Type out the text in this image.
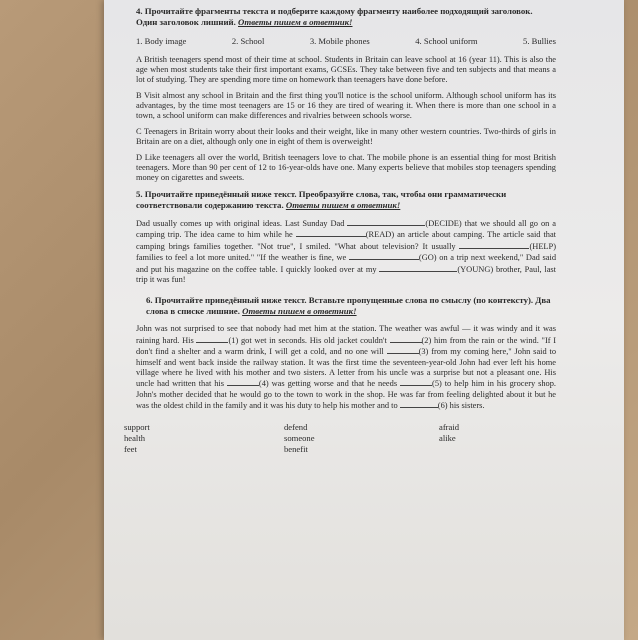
4. Прочитайте фрагменты текста и подберите каждому фрагменту наиболее подходящий заголовок. Один заголовок лишний. Ответы пишем в ответник!
1. Body image	2. School	3. Mobile phones	4. School uniform	5. Bullies
A British teenagers spend most of their time at school. Students in Britain can leave school at 16 (year 11). This is also the age when most students take their first important exams, GCSEs. They take between five and ten subjects and that means a lot of studying. They are spending more time on homework than teenagers have done before.
B Visit almost any school in Britain and the first thing you'll notice is the school uniform. Although school uniform has its advantages, by the time most teenagers are 15 or 16 they are tired of wearing it. When there is more than one school in a town, a school uniform can make differences and rivalries between schools worse.
C Teenagers in Britain worry about their looks and their weight, like in many other western countries. Two-thirds of girls in Britain are on a diet, although only one in eight of them is overweight!
D Like teenagers all over the world, British teenagers love to chat. The mobile phone is an essential thing for most British teenagers. More than 90 per cent of 12 to 16-year-olds have one. Many experts believe that mobiles stop teenagers spending money on cigarettes and sweets.
5. Прочитайте приведённый ниже текст. Преобразуйте слова, так, чтобы они грамматически соответствовали содержанию текста. Ответы пишем в ответник!
Dad usually comes up with original ideas. Last Sunday Dad	(DECIDE) that we should all go on a camping trip. The idea came to him while he	(READ) an article about camping. The article said that camping brings families together. "Not true", I smiled. "What about television? It usually	(HELP) families to feel a lot more united." "If the weather is fine, we	(GO) on a trip next weekend," Dad said and put his magazine on the coffee table. I quickly looked over at my	(YOUNG) brother, Paul, last trip it was fun!
6. Прочитайте приведённый ниже текст. Вставьте пропущенные слова по смыслу (по контексту). Два слова в списке лишние. Ответы пишем в ответник!
John was not surprised to see that nobody had met him at the station. The weather was awful — it was windy and it was raining hard. His	(1) got wet in seconds. His old jacket couldn't	(2) him from the rain or the wind. "If I don't find a shelter and a warm drink, I will get a cold, and no one will	(3) from my coming here," John said to himself and went back inside the railway station. It was the first time the seventeen-year-old John had ever left his home village where he lived with his mother and two sisters. A letter from his uncle was a surprise but not a pleasant one. His uncle had written that his	(4) was getting worse and that he needs	(5) to help him in his grocery shop. John's mother decided that he would go to the town to work in the shop. He was far from feeling delighted about it but he was the oldest child in the family and it was his duty to help his mother and to	(6) his sisters.
support	defend	afraid
health	someone	alike
feet	benefit
